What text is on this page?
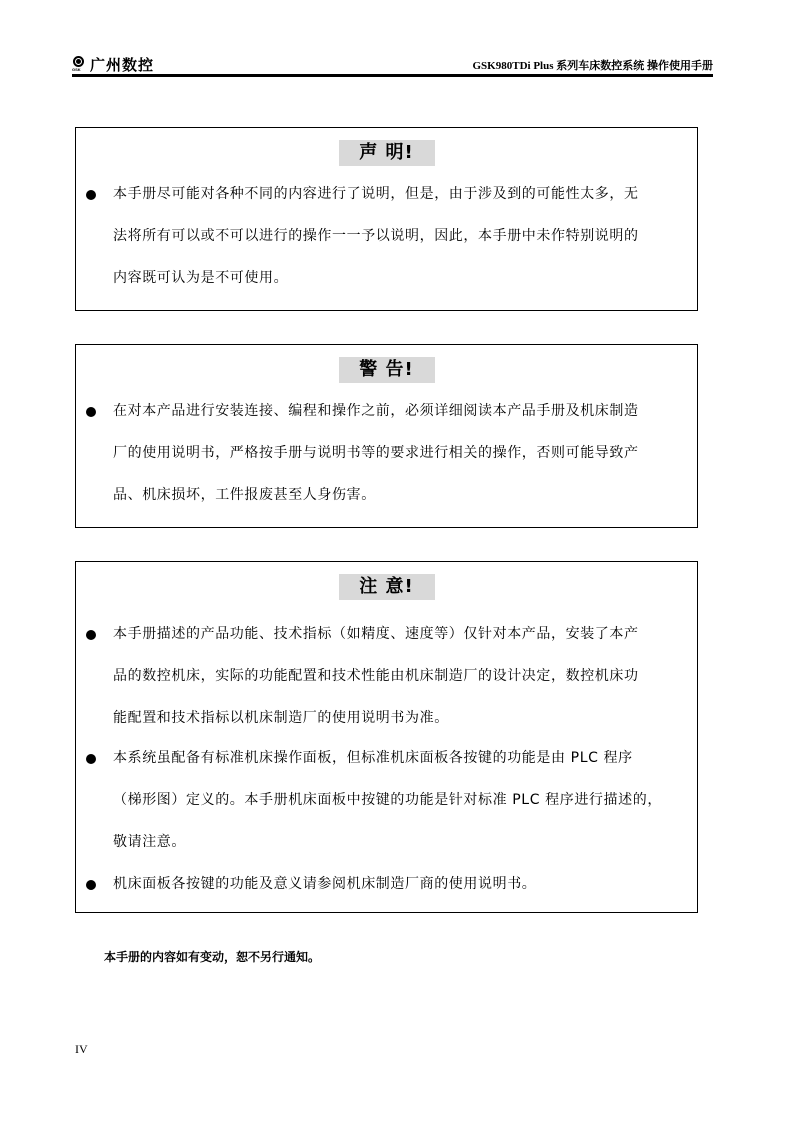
GSK 广州数控	GSK980TDi Plus 系列车床数控系统 操作使用手册
声 明!
本手册尽可能对各种不同的内容进行了说明，但是，由于涉及到的可能性太多，无
法将所有可以或不可以进行的操作一一予以说明，因此，本手册中未作特别说明的
内容既可认为是不可使用。
警 告!
在对本产品进行安装连接、编程和操作之前，必须详细阅读本产品手册及机床制造
厂的使用说明书，严格按手册与说明书等的要求进行相关的操作，否则可能导致产
品、机床损坏，工件报废甚至人身伤害。
注 意!
本手册描述的产品功能、技术指标（如精度、速度等）仅针对本产品，安装了本产
品的数控机床，实际的功能配置和技术性能由机床制造厂的设计决定，数控机床功
能配置和技术指标以机床制造厂的使用说明书为准。
本系统虽配备有标准机床操作面板，但标准机床面板各按键的功能是由 PLC 程序
（梯形图）定义的。本手册机床面板中按键的功能是针对标准 PLC 程序进行描述的，
敬请注意。
机床面板各按键的功能及意义请参阅机床制造厂商的使用说明书。
本手册的内容如有变动，恕不另行通知。
IV
